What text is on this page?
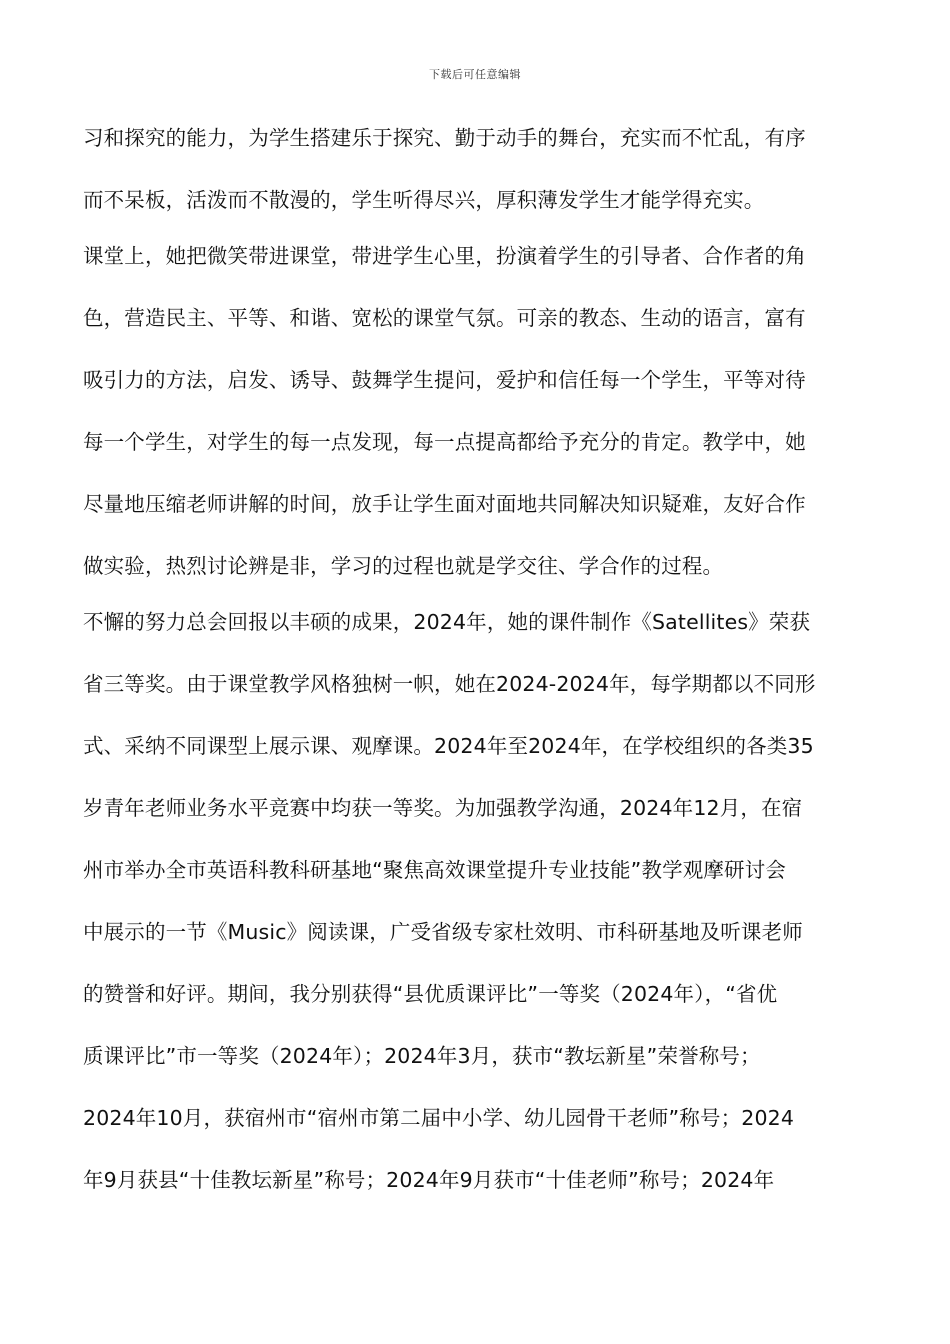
下载后可任意编辑
习和探究的能力，为学生搭建乐于探究、勤于动手的舞台，充实而不忙乱，有序
而不呆板，活泼而不散漫的，学生听得尽兴，厚积薄发学生才能学得充实。
课堂上，她把微笑带进课堂，带进学生心里，扮演着学生的引导者、合作者的角
色，营造民主、平等、和谐、宽松的课堂气氛。可亲的教态、生动的语言，富有
吸引力的方法，启发、诱导、鼓舞学生提问，爱护和信任每一个学生，平等对待
每一个学生，对学生的每一点发现，每一点提高都给予充分的肯定。教学中，她
尽量地压缩老师讲解的时间，放手让学生面对面地共同解决知识疑难，友好合作
做实验，热烈讨论辨是非，学习的过程也就是学交往、学合作的过程。
不懈的努力总会回报以丰硕的成果，2024年，她的课件制作《Satellites》荣获
省三等奖。由于课堂教学风格独树一帜，她在2024-2024年，每学期都以不同形
式、采纳不同课型上展示课、观摩课。2024年至2024年，在学校组织的各类35
岁青年老师业务水平竞赛中均获一等奖。为加强教学沟通，2024年12月，在宿
州市举办全市英语科教科研基地“聚焦高效课堂提升专业技能”教学观摩研讨会
中展示的一节《Music》阅读课，广受省级专家杜效明、市科研基地及听课老师
的赞誉和好评。期间，我分别获得“县优质课评比”一等奖（2024年），“省优
质课评比”市一等奖（2024年）；2024年3月，获市“教坛新星”荣誉称号；
2024年10月，获宿州市“宿州市第二届中小学、幼儿园骨干老师”称号；2024
年9月获县“十佳教坛新星”称号；2024年9月获市“十佳老师”称号；2024年
